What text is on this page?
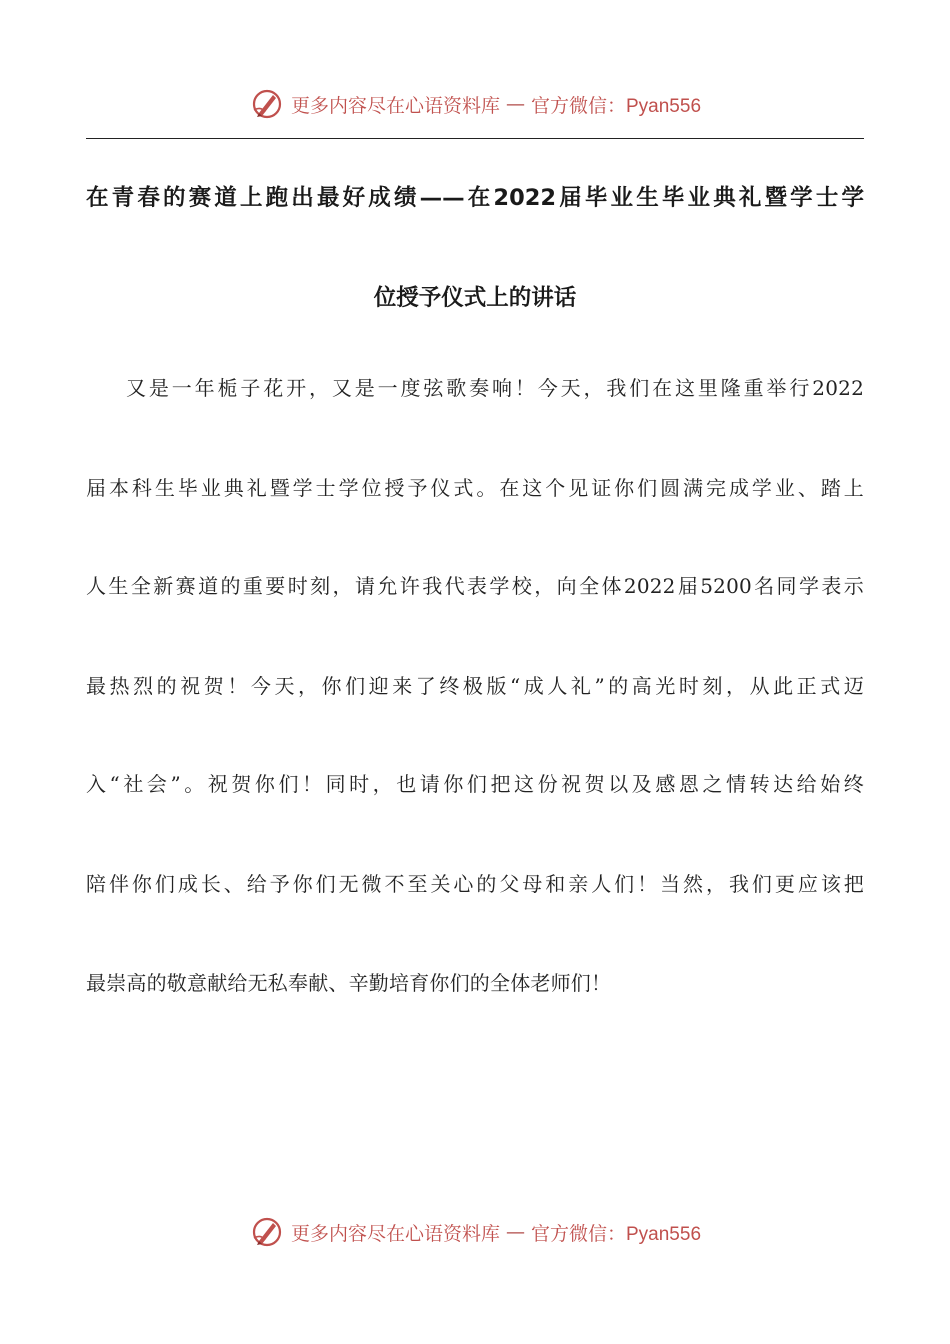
更多内容尽在心语资料库 — 官方微信：Pyan556
在青春的赛道上跑出最好成绩——在2022届毕业生毕业典礼暨学士学
位授予仪式上的讲话
又是一年栀子花开，又是一度弦歌奏响！今天，我们在这里隆重举行2022
届本科生毕业典礼暨学士学位授予仪式。在这个见证你们圆满完成学业、踏上
人生全新赛道的重要时刻，请允许我代表学校，向全体2022届5200名同学表示
最热烈的祝贺！今天，你们迎来了终极版“成人礼”的高光时刻，从此正式迈
入“社会”。祝贺你们！同时，也请你们把这份祝贺以及感恩之情转达给始终
陪伴你们成长、给予你们无微不至关心的父母和亲人们！当然，我们更应该把
最崇高的敬意献给无私奉献、辛勤培育你们的全体老师们！
更多内容尽在心语资料库 — 官方微信：Pyan556
